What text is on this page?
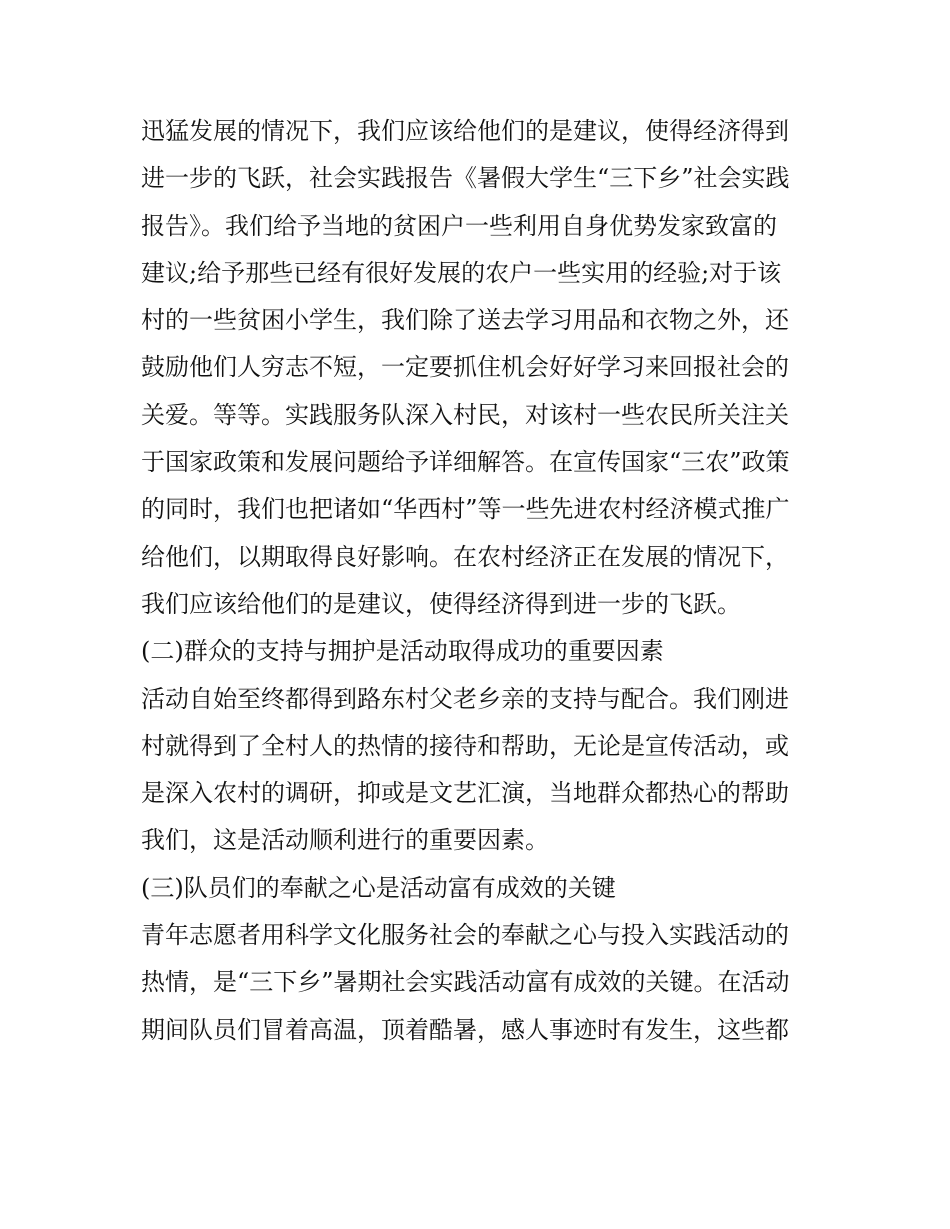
迅猛发展的情况下，我们应该给他们的是建议，使得经济得到
进一步的飞跃，社会实践报告《暑假大学生“三下乡”社会实践
报告》。我们给予当地的贫困户一些利用自身优势发家致富的
建议;给予那些已经有很好发展的农户一些实用的经验;对于该
村的一些贫困小学生，我们除了送去学习用品和衣物之外，还
鼓励他们人穷志不短，一定要抓住机会好好学习来回报社会的
关爱。等等。实践服务队深入村民，对该村一些农民所关注关
于国家政策和发展问题给予详细解答。在宣传国家“三农”政策
的同时，我们也把诸如“华西村”等一些先进农村经济模式推广
给他们，以期取得良好影响。在农村经济正在发展的情况下，
我们应该给他们的是建议，使得经济得到进一步的飞跃。
(二)群众的支持与拥护是活动取得成功的重要因素
活动自始至终都得到路东村父老乡亲的支持与配合。我们刚进
村就得到了全村人的热情的接待和帮助，无论是宣传活动，或
是深入农村的调研，抑或是文艺汇演，当地群众都热心的帮助
我们，这是活动顺利进行的重要因素。
(三)队员们的奉献之心是活动富有成效的关键
青年志愿者用科学文化服务社会的奉献之心与投入实践活动的
热情，是“三下乡”暑期社会实践活动富有成效的关键。在活动
期间队员们冒着高温，顶着酷暑，感人事迹时有发生，这些都
